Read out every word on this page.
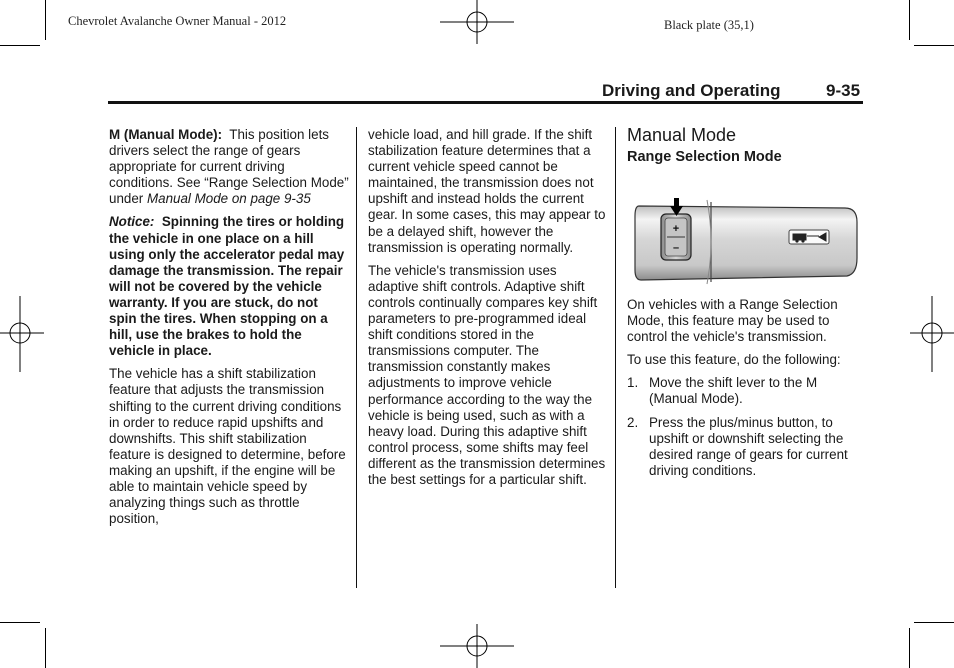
Chevrolet Avalanche Owner Manual - 2012	Black plate (35,1)
Driving and Operating	9-35

M (Manual Mode): This position lets drivers select the range of gears appropriate for current driving conditions. See “Range Selection Mode” under Manual Mode on page 9-35

Notice: Spinning the tires or holding the vehicle in one place on a hill using only the accelerator pedal may damage the transmission. The repair will not be covered by the vehicle warranty. If you are stuck, do not spin the tires. When stopping on a hill, use the brakes to hold the vehicle in place.

The vehicle has a shift stabilization feature that adjusts the transmission shifting to the current driving conditions in order to reduce rapid upshifts and downshifts. This shift stabilization feature is designed to determine, before making an upshift, if the engine will be able to maintain vehicle speed by analyzing things such as throttle position,

vehicle load, and hill grade. If the shift stabilization feature determines that a current vehicle speed cannot be maintained, the transmission does not upshift and instead holds the current gear. In some cases, this may appear to be a delayed shift, however the transmission is operating normally.

The vehicle's transmission uses adaptive shift controls. Adaptive shift controls continually compares key shift parameters to pre-programmed ideal shift conditions stored in the transmissions computer. The transmission constantly makes adjustments to improve vehicle performance according to the way the vehicle is being used, such as with a heavy load. During this adaptive shift control process, some shifts may feel different as the transmission determines the best settings for a particular shift.

Manual Mode
Range Selection Mode
+
–

On vehicles with a Range Selection Mode, this feature may be used to control the vehicle's transmission.

To use this feature, do the following:

1. Move the shift lever to the M (Manual Mode).
2. Press the plus/minus button, to upshift or downshift selecting the desired range of gears for current driving conditions.
